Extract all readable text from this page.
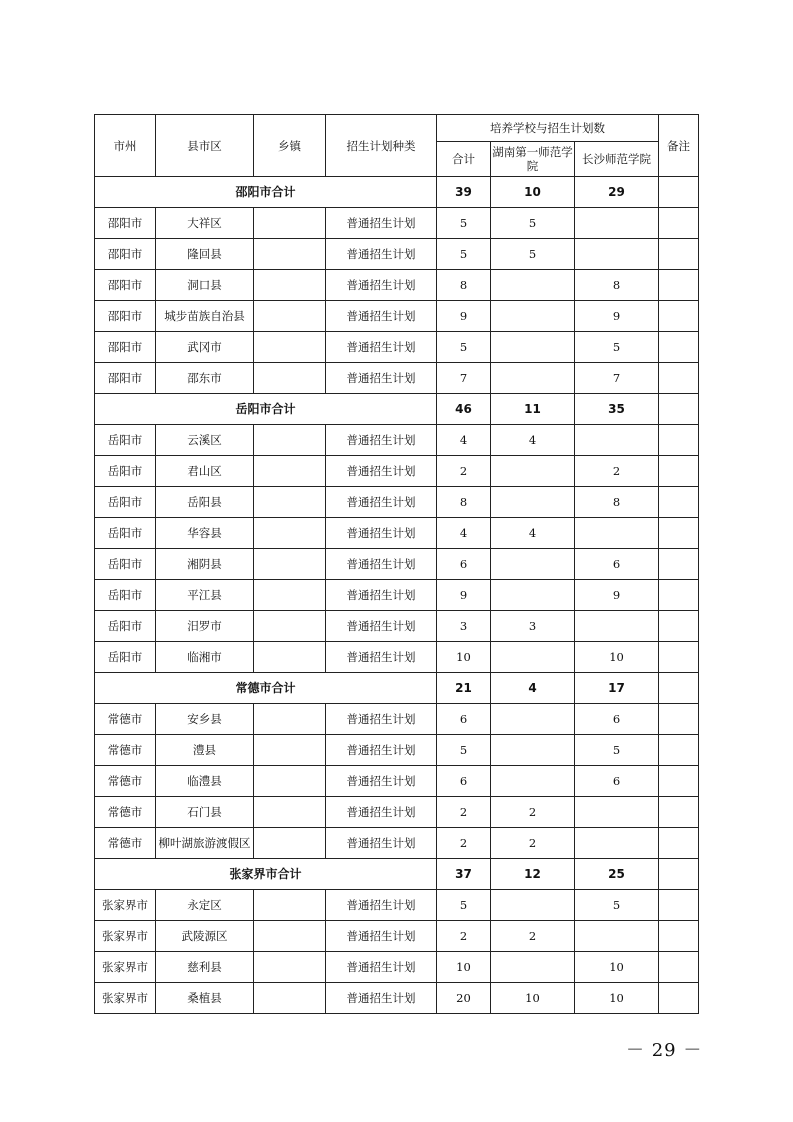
市州	县市区	乡镇	招生计划种类	培养学校与招生计划数			备注
				合计	湖南第一师范学院	长沙师范学院	
邵阳市合计				39	10	29	
邵阳市	大祥区		普通招生计划	5	5		
邵阳市	隆回县		普通招生计划	5	5		
邵阳市	洞口县		普通招生计划	8		8	
邵阳市	城步苗族自治县		普通招生计划	9		9	
邵阳市	武冈市		普通招生计划	5		5	
邵阳市	邵东市		普通招生计划	7		7	
岳阳市合计				46	11	35	
岳阳市	云溪区		普通招生计划	4	4		
岳阳市	君山区		普通招生计划	2		2	
岳阳市	岳阳县		普通招生计划	8		8	
岳阳市	华容县		普通招生计划	4	4		
岳阳市	湘阴县		普通招生计划	6		6	
岳阳市	平江县		普通招生计划	9		9	
岳阳市	汨罗市		普通招生计划	3	3		
岳阳市	临湘市		普通招生计划	10		10	
常德市合计				21	4	17	
常德市	安乡县		普通招生计划	6		6	
常德市	澧县		普通招生计划	5		5	
常德市	临澧县		普通招生计划	6		6	
常德市	石门县		普通招生计划	2	2		
常德市	柳叶湖旅游渡假区		普通招生计划	2	2		
张家界市合计				37	12	25	
张家界市	永定区		普通招生计划	5		5	
张家界市	武陵源区		普通招生计划	2	2		
张家界市	慈利县		普通招生计划	10		10	
张家界市	桑植县		普通招生计划	20	10	10	
－ 29 －
